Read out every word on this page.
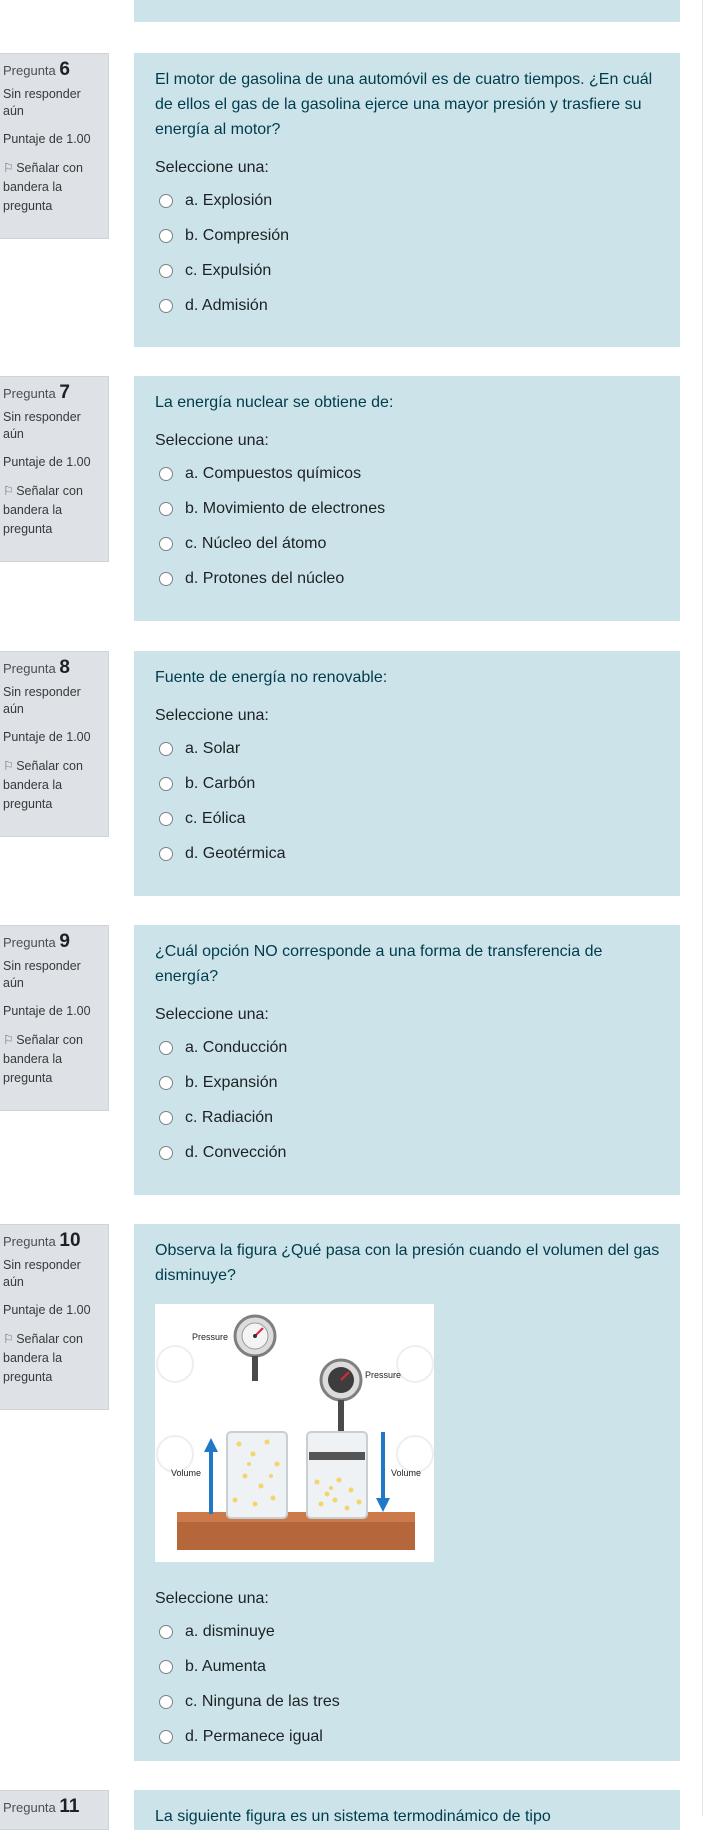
Pregunta 6
Sin responder aún
Puntaje de 1.00
⚐ Señalar con bandera la pregunta
El motor de gasolina de una automóvil es de cuatro tiempos. ¿En cuál de ellos el gas de la gasolina ejerce una mayor presión y trasfiere su energía al motor?
Seleccione una:
a. Explosión
b. Compresión
c. Expulsión
d. Admisión
Pregunta 7
Sin responder aún
Puntaje de 1.00
⚐ Señalar con bandera la pregunta
La energía nuclear se obtiene de:
Seleccione una:
a. Compuestos químicos
b. Movimiento de electrones
c. Núcleo del átomo
d. Protones del núcleo
Pregunta 8
Sin responder aún
Puntaje de 1.00
⚐ Señalar con bandera la pregunta
Fuente de energía no renovable:
Seleccione una:
a. Solar
b. Carbón
c. Eólica
d. Geotérmica
Pregunta 9
Sin responder aún
Puntaje de 1.00
⚐ Señalar con bandera la pregunta
¿Cuál opción NO corresponde a una forma de transferencia de energía?
Seleccione una:
a. Conducción
b. Expansión
c. Radiación
d. Convección
Pregunta 10
Sin responder aún
Puntaje de 1.00
⚐ Señalar con bandera la pregunta
Observa la figura ¿Qué pasa con la presión cuando el volumen del gas disminuye?
Pressure
Pressure
Volume	Volume
Seleccione una:
a. disminuye
b. Aumenta
c. Ninguna de las tres
d. Permanece igual
Pregunta 11	La siguiente figura es un sistema termodinámico de tipo
